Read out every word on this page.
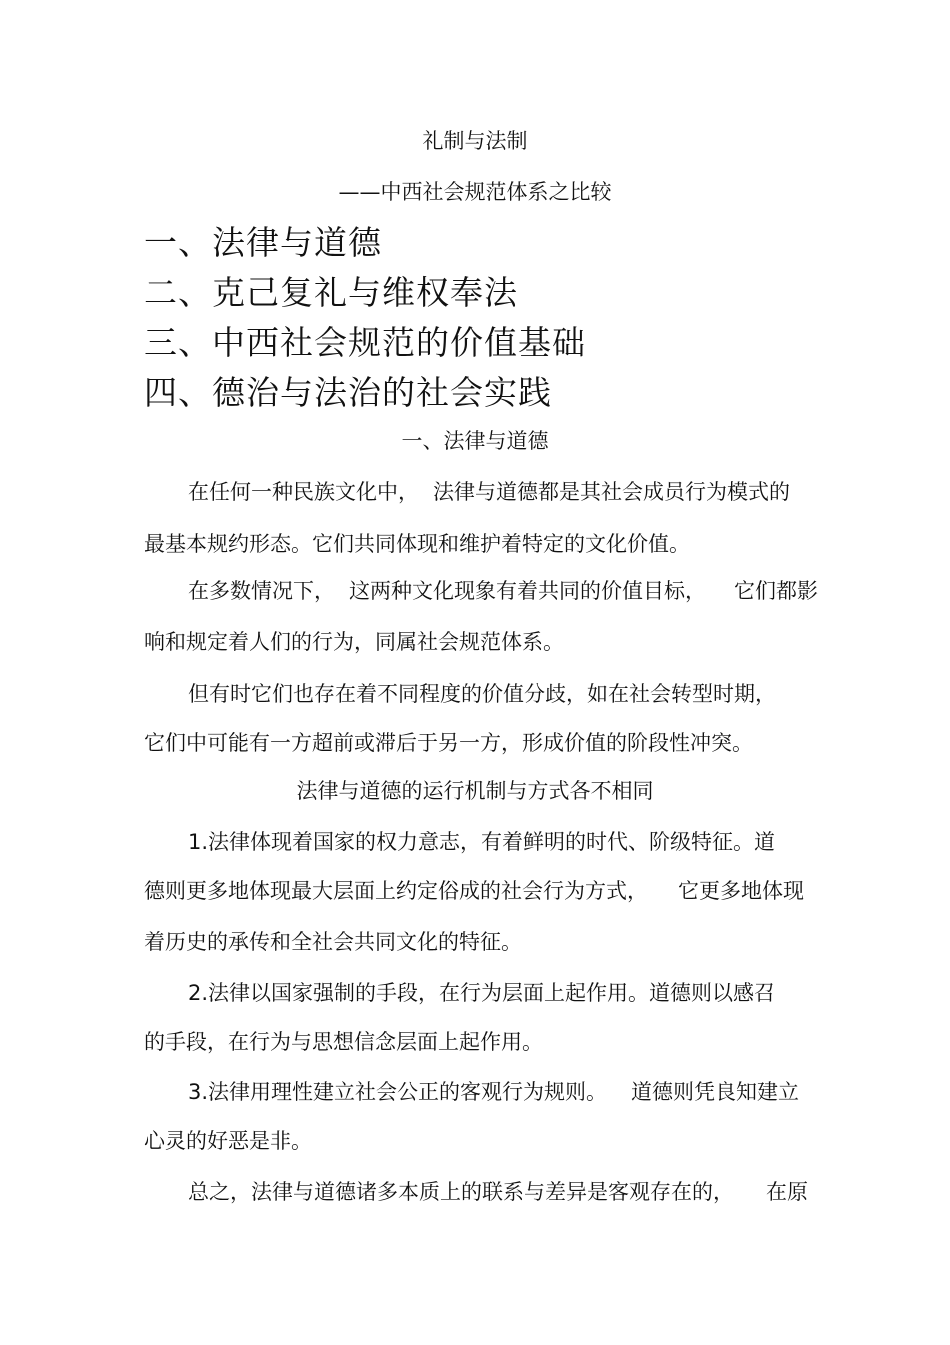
礼制与法制
——中西社会规范体系之比较
一、法律与道德
二、克己复礼与维权奉法
三、中西社会规范的价值基础
四、德治与法治的社会实践
一、法律与道德
在任何一种民族文化中， 法律与道德都是其社会成员行为模式的
最基本规约形态。它们共同体现和维护着特定的文化价值。
在多数情况下， 这两种文化现象有着共同的价值目标， 它们都影
响和规定着人们的行为，同属社会规范体系。
但有时它们也存在着不同程度的价值分歧，如在社会转型时期，
它们中可能有一方超前或滞后于另一方，形成价值的阶段性冲突。
法律与道德的运行机制与方式各不相同
1.法律体现着国家的权力意志，有着鲜明的时代、阶级特征。道
德则更多地体现最大层面上约定俗成的社会行为方式， 它更多地体现
着历史的承传和全社会共同文化的特征。
2.法律以国家强制的手段，在行为层面上起作用。道德则以感召
的手段，在行为与思想信念层面上起作用。
3.法律用理性建立社会公正的客观行为规则。 道德则凭良知建立
心灵的好恶是非。
总之，法律与道德诸多本质上的联系与差异是客观存在的， 在原
